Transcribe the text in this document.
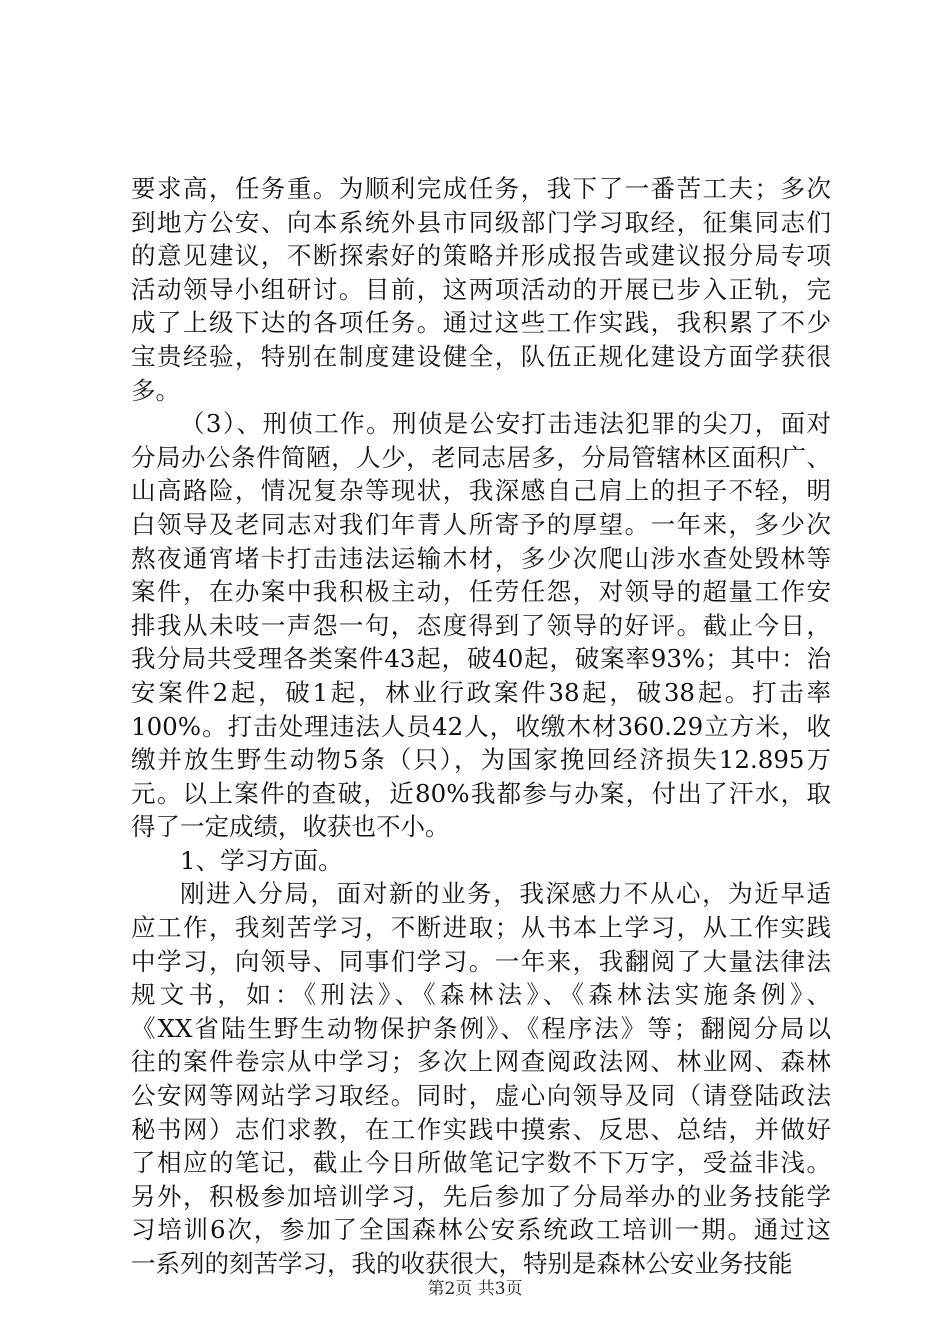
要求高，任务重。为顺利完成任务，我下了一番苦工夫；多次
到地方公安、向本系统外县市同级部门学习取经，征集同志们
的意见建议，不断探索好的策略并形成报告或建议报分局专项
活动领导小组研讨。目前，这两项活动的开展已步入正轨，完
成了上级下达的各项任务。通过这些工作实践，我积累了不少
宝贵经验，特别在制度建设健全，队伍正规化建设方面学获很
多。
（3）、刑侦工作。刑侦是公安打击违法犯罪的尖刀，面对
分局办公条件简陋，人少，老同志居多，分局管辖林区面积广、
山高路险，情况复杂等现状，我深感自己肩上的担子不轻，明
白领导及老同志对我们年青人所寄予的厚望。一年来，多少次
熬夜通宵堵卡打击违法运输木材，多少次爬山涉水查处毁林等
案件，在办案中我积极主动，任劳任怨，对领导的超量工作安
排我从未吱一声怨一句，态度得到了领导的好评。截止今日，
我分局共受理各类案件43起，破40起，破案率93%；其中：治
安案件2起，破1起，林业行政案件38起，破38起。打击率
100%。打击处理违法人员42人，收缴木材360.29立方米，收
缴并放生野生动物5条（只），为国家挽回经济损失12.895万
元。以上案件的查破，近80%我都参与办案，付出了汗水，取
得了一定成绩，收获也不小。
1、学习方面。
刚进入分局，面对新的业务，我深感力不从心，为近早适
应工作，我刻苦学习，不断进取；从书本上学习，从工作实践
中学习，向领导、同事们学习。一年来，我翻阅了大量法律法
规文书，如：《刑法》、《森林法》、《森林法实施条例》、
《XX省陆生野生动物保护条例》、《程序法》等；翻阅分局以
往的案件卷宗从中学习；多次上网查阅政法网、林业网、森林
公安网等网站学习取经。同时，虚心向领导及同（请登陆政法
秘书网）志们求教，在工作实践中摸索、反思、总结，并做好
了相应的笔记，截止今日所做笔记字数不下万字，受益非浅。
另外，积极参加培训学习，先后参加了分局举办的业务技能学
习培训6次，参加了全国森林公安系统政工培训一期。通过这
一系列的刻苦学习，我的收获很大，特别是森林公安业务技能
第2页 共3页
